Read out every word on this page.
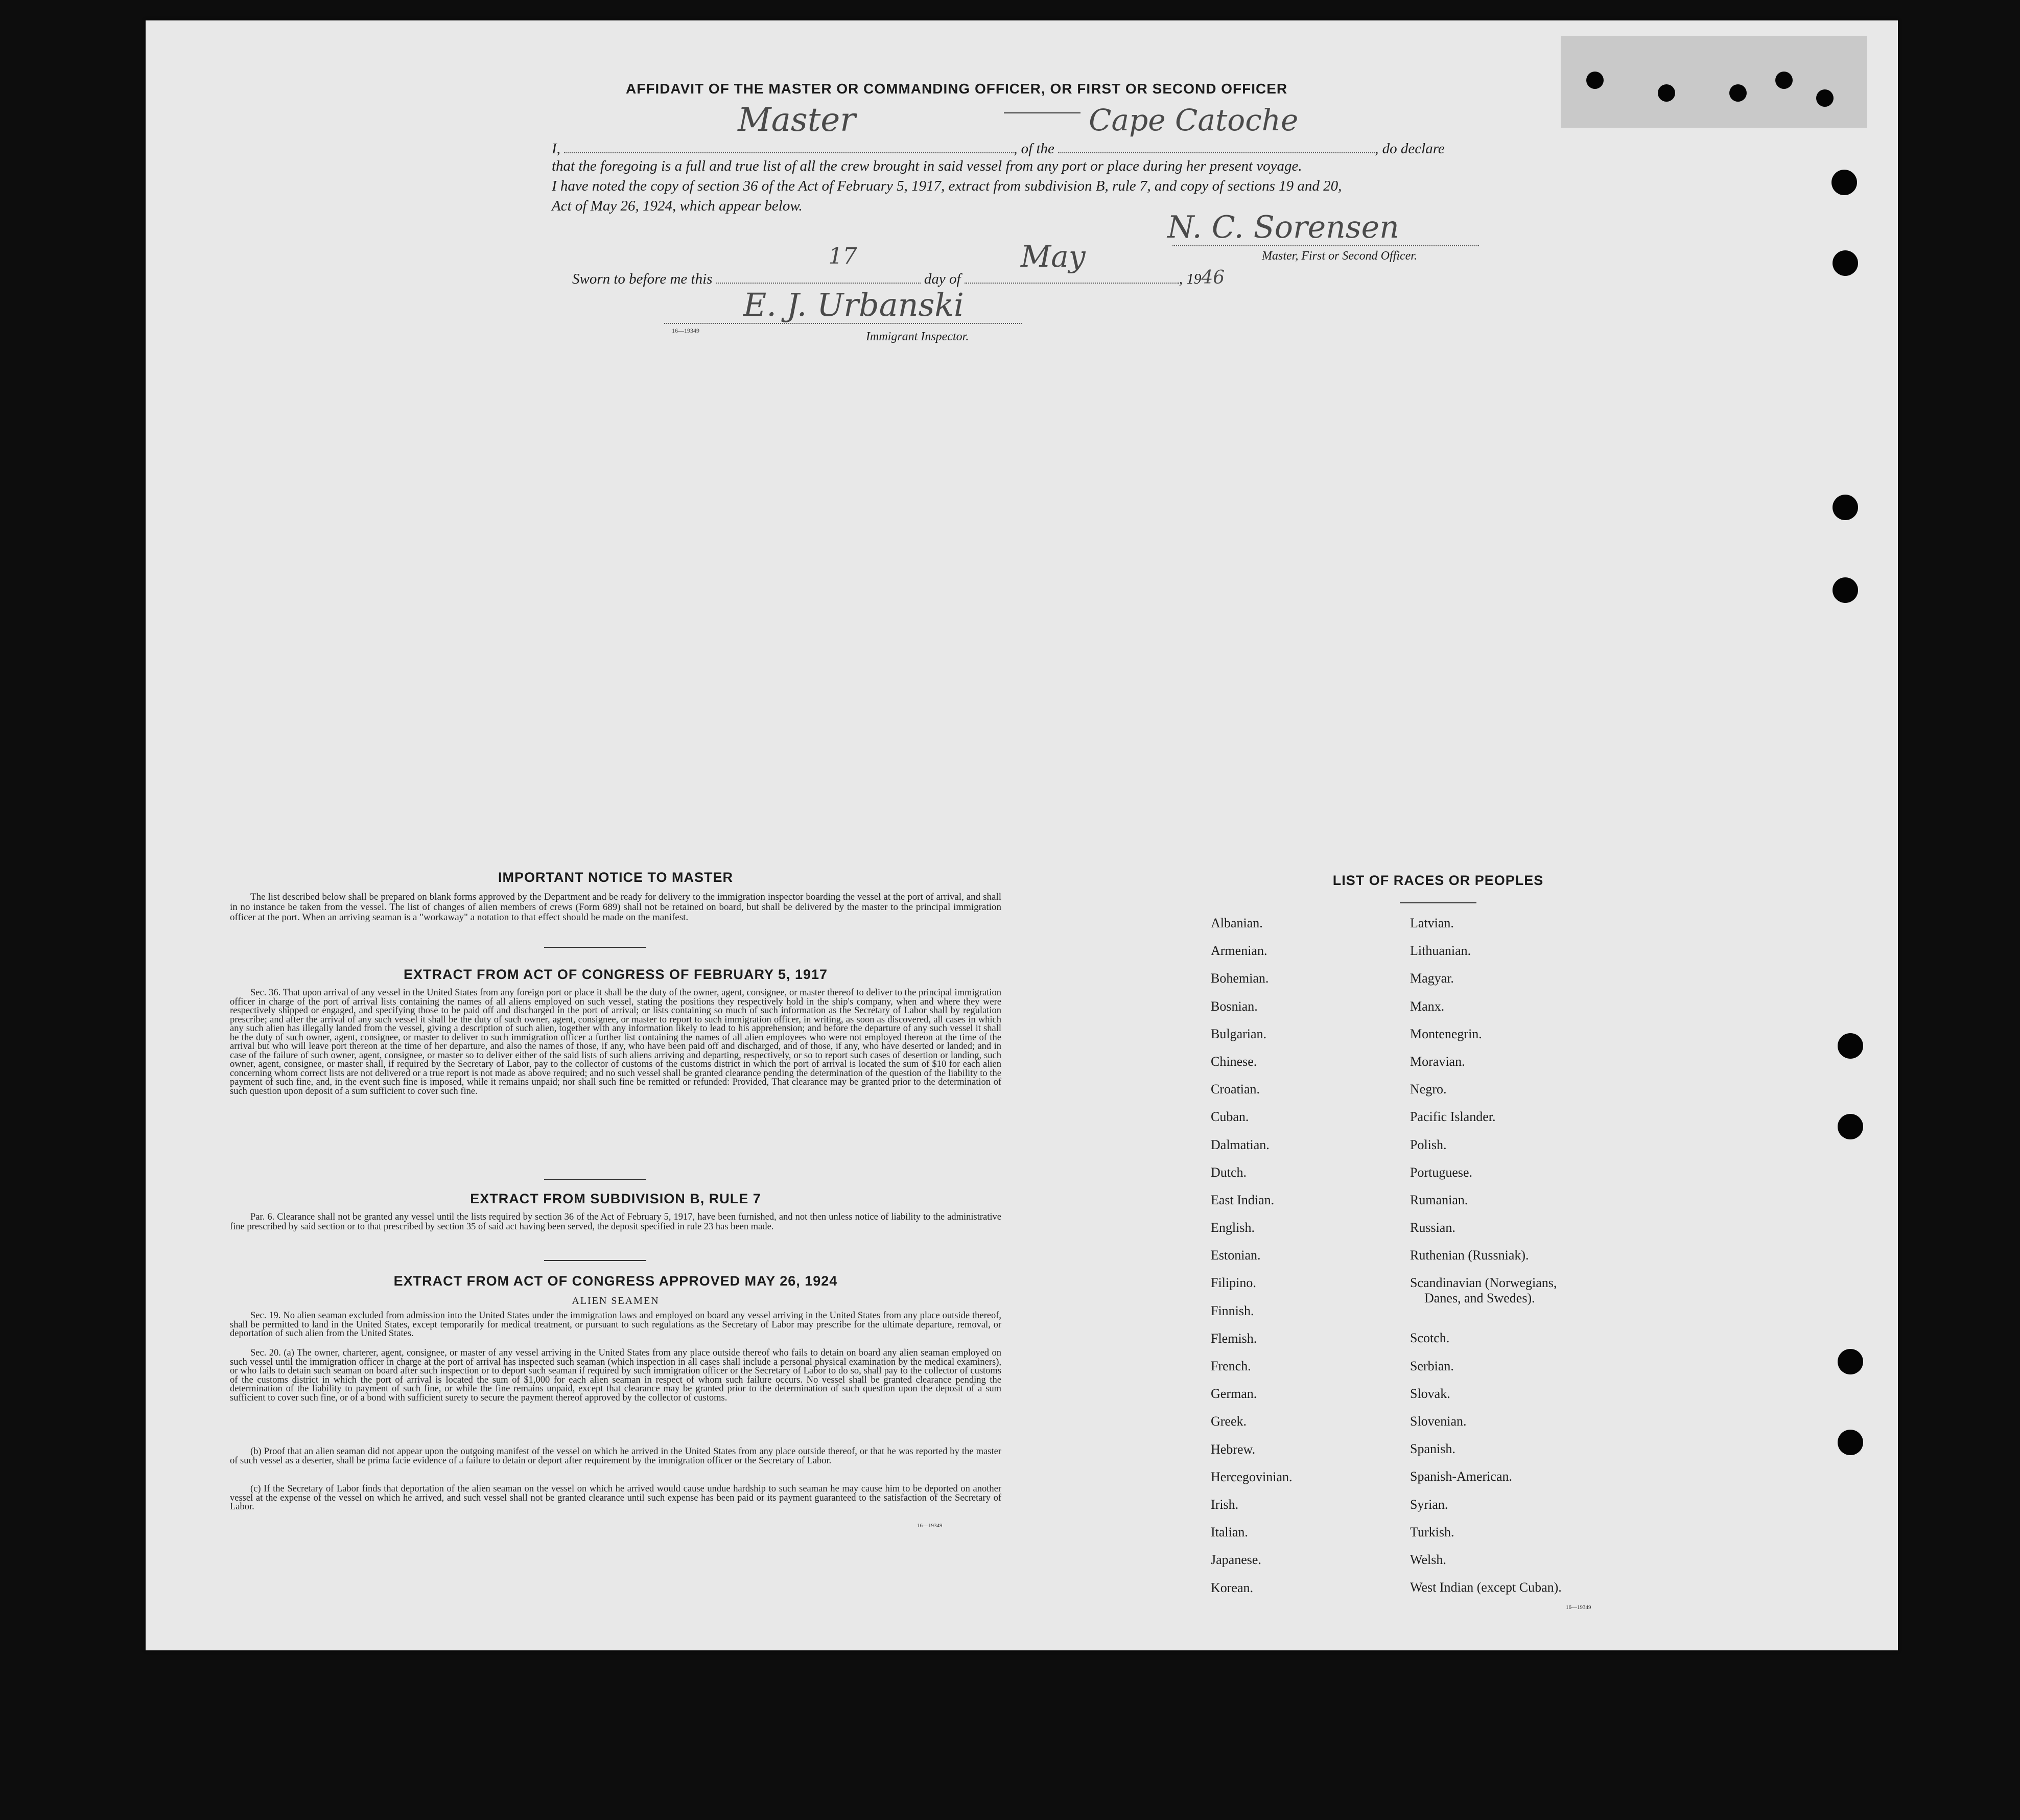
AFFIDAVIT OF THE MASTER OR COMMANDING OFFICER, OR FIRST OR SECOND OFFICER
I,
Master
, of the
Cape Catoche
, do declare
that the foregoing is a full and true list of all the crew brought in said vessel from any port or place during her present voyage.
I have noted the copy of section 36 of the Act of February 5, 1917, extract from subdivision B, rule 7, and copy of sections 19 and 20,
Act of May 26, 1924, which appear below.
N. C. Sorensen
Master, First or Second Officer.
Sworn to before me this
17
day of
May
, 1946
E. J. Urbanski
16—19349	Immigrant Inspector.
IMPORTANT NOTICE TO MASTER
The list described below shall be prepared on blank forms approved by the Department and be ready for delivery to the immigration inspector boarding the vessel at the port of arrival, and shall in no instance be taken from the vessel. The list of changes of alien members of crews (Form 689) shall not be retained on board, but shall be delivered by the master to the principal immigration officer at the port. When an arriving seaman is a "workaway" a notation to that effect should be made on the manifest.
EXTRACT FROM ACT OF CONGRESS OF FEBRUARY 5, 1917
Sec. 36. That upon arrival of any vessel in the United States from any foreign port or place it shall be the duty of the owner, agent, consignee, or master thereof to deliver to the principal immigration officer in charge of the port of arrival lists containing the names of all aliens employed on such vessel, stating the positions they respectively hold in the ship's company, when and where they were respectively shipped or engaged, and specifying those to be paid off and discharged in the port of arrival; or lists containing so much of such information as the Secretary of Labor shall by regulation prescribe; and after the arrival of any such vessel it shall be the duty of such owner, agent, consignee, or master to report to such immigration officer, in writing, as soon as discovered, all cases in which any such alien has illegally landed from the vessel, giving a description of such alien, together with any information likely to lead to his apprehension; and before the departure of any such vessel it shall be the duty of such owner, agent, consignee, or master to deliver to such immigration officer a further list containing the names of all alien employees who were not employed thereon at the time of the arrival but who will leave port thereon at the time of her departure, and also the names of those, if any, who have been paid off and discharged, and of those, if any, who have deserted or landed; and in case of the failure of such owner, agent, consignee, or master so to deliver either of the said lists of such aliens arriving and departing, respectively, or so to report such cases of desertion or landing, such owner, agent, consignee, or master shall, if required by the Secretary of Labor, pay to the collector of customs of the customs district in which the port of arrival is located the sum of $10 for each alien concerning whom correct lists are not delivered or a true report is not made as above required; and no such vessel shall be granted clearance pending the determination of the question of the liability to the payment of such fine, and, in the event such fine is imposed, while it remains unpaid; nor shall such fine be remitted or refunded: Provided, That clearance may be granted prior to the determination of such question upon deposit of a sum sufficient to cover such fine.
EXTRACT FROM SUBDIVISION B, RULE 7
Par. 6. Clearance shall not be granted any vessel until the lists required by section 36 of the Act of February 5, 1917, have been furnished, and not then unless notice of liability to the administrative fine prescribed by said section or to that prescribed by section 35 of said act having been served, the deposit specified in rule 23 has been made.
EXTRACT FROM ACT OF CONGRESS APPROVED MAY 26, 1924
ALIEN SEAMEN
Sec. 19. No alien seaman excluded from admission into the United States under the immigration laws and employed on board any vessel arriving in the United States from any place outside thereof, shall be permitted to land in the United States, except temporarily for medical treatment, or pursuant to such regulations as the Secretary of Labor may prescribe for the ultimate departure, removal, or deportation of such alien from the United States.
Sec. 20. (a) The owner, charterer, agent, consignee, or master of any vessel arriving in the United States from any place outside thereof who fails to detain on board any alien seaman employed on such vessel until the immigration officer in charge at the port of arrival has inspected such seaman (which inspection in all cases shall include a personal physical examination by the medical examiners), or who fails to detain such seaman on board after such inspection or to deport such seaman if required by such immigration officer or the Secretary of Labor to do so, shall pay to the collector of customs of the customs district in which the port of arrival is located the sum of $1,000 for each alien seaman in respect of whom such failure occurs. No vessel shall be granted clearance pending the determination of the liability to payment of such fine, or while the fine remains unpaid, except that clearance may be granted prior to the determination of such question upon the deposit of a sum sufficient to cover such fine, or of a bond with sufficient surety to secure the payment thereof approved by the collector of customs.
(b) Proof that an alien seaman did not appear upon the outgoing manifest of the vessel on which he arrived in the United States from any place outside thereof, or that he was reported by the master of such vessel as a deserter, shall be prima facie evidence of a failure to detain or deport after requirement by the immigration officer or the Secretary of Labor.
(c) If the Secretary of Labor finds that deportation of the alien seaman on the vessel on which he arrived would cause undue hardship to such seaman he may cause him to be deported on another vessel at the expense of the vessel on which he arrived, and such vessel shall not be granted clearance until such expense has been paid or its payment guaranteed to the satisfaction of the Secretary of Labor.
16—19349
LIST OF RACES OR PEOPLES
Albanian.
Armenian.
Bohemian.
Bosnian.
Bulgarian.
Chinese.
Croatian.
Cuban.
Dalmatian.
Dutch.
East Indian.
English.
Estonian.
Filipino.
Finnish.
Flemish.
French.
German.
Greek.
Hebrew.
Hercegovinian.
Irish.
Italian.
Japanese.
Korean.
Latvian.
Lithuanian.
Magyar.
Manx.
Montenegrin.
Moravian.
Negro.
Pacific Islander.
Polish.
Portuguese.
Rumanian.
Russian.
Ruthenian (Russniak).
Scandinavian (Norwegians,
Danes, and Swedes).
Scotch.
Serbian.
Slovak.
Slovenian.
Spanish.
Spanish-American.
Syrian.
Turkish.
Welsh.
West Indian (except Cuban).
16—19349
